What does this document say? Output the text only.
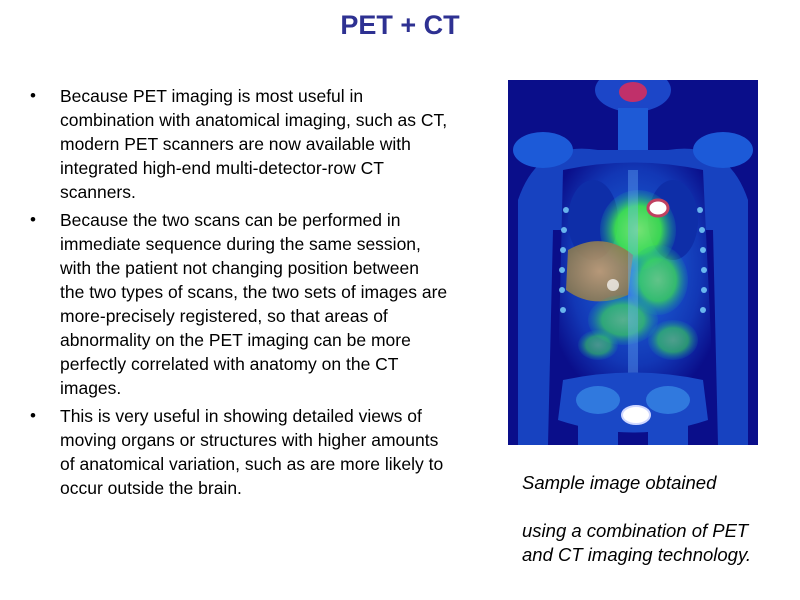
PET + CT
• Because PET imaging is most useful in combination with anatomical imaging, such as CT, modern PET scanners are now available with integrated high-end multi-detector-row CT scanners.
• Because the two scans can be performed in immediate sequence during the same session, with the patient not changing position between the two types of scans, the two sets of images are more-precisely registered, so that areas of abnormality on the PET imaging can be more perfectly correlated with anatomy on the CT images.
• This is very useful in showing detailed views of moving organs or structures with higher amounts of anatomical variation, such as are more likely to occur outside the brain.	Sample image obtained
using a combination of PET and CT imaging technology.
